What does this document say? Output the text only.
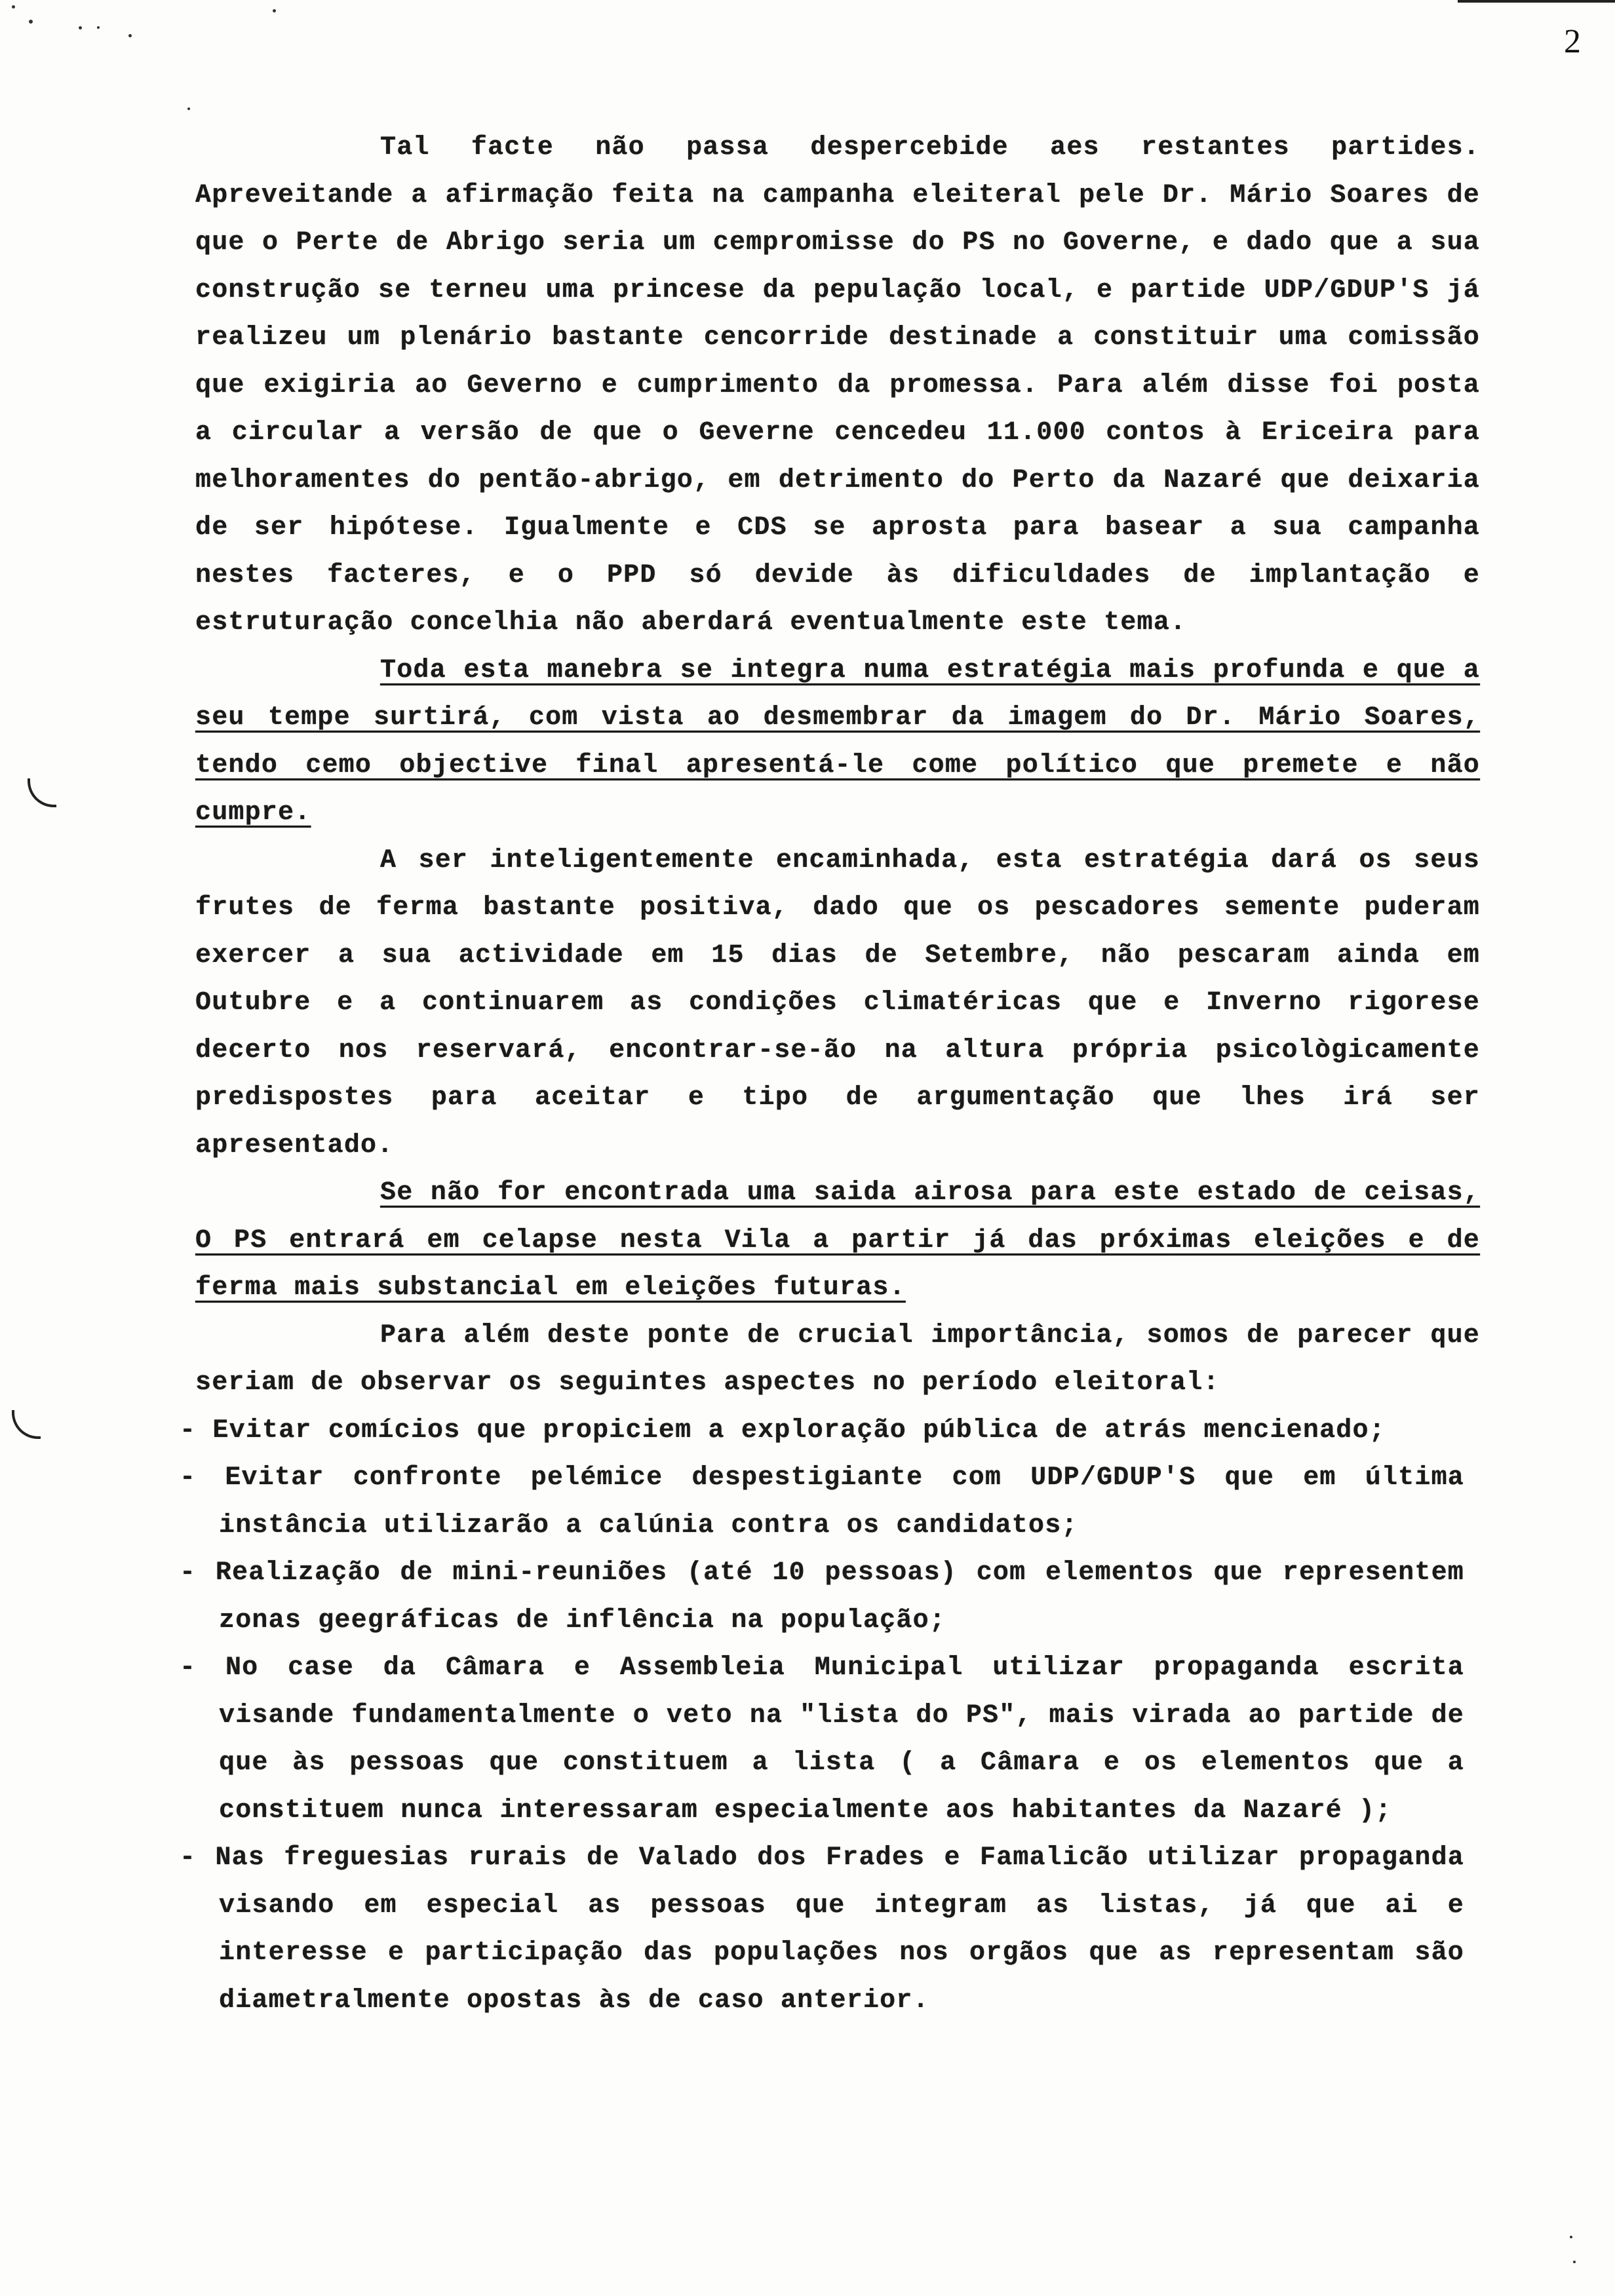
2

Tal facte não passa despercebide aes restantes partides. Apreveitande a afirmação feita na campanha eleiteral pele Dr. Mário Soares de que o Perte de Abrigo seria um cempromisse do PS no Governe, e dado que a sua construção se terneu uma princese da pepulação local, e partide UDP/GDUP'S já realizeu um plenário bastante cencorride destinade a constituir uma comissão que exigiria ao Geverno e cumprimento da promessa. Para além disse foi posta a circular a versão de que o Geverne cencedeu 11.000 contos à Ericeira para melhoramentes do pentão-abrigo, em detrimento do Perto da Nazaré que deixaria de ser hipótese. Igualmente e CDS se aprosta para basear a sua campanha nestes facteres, e o PPD só devide às dificuldades de implantação e estruturação concelhia não aberdará eventualmente este tema.

Toda esta manebra se integra numa estratégia mais profunda e que a seu tempe surtirá, com vista ao desmembrar da imagem do Dr. Mário Soares, tendo cemo objective final apresentá-le come político que premete e não cumpre.

A ser inteligentemente encaminhada, esta estratégia dará os seus frutes de ferma bastante positiva, dado que os pescadores semente puderam exercer a sua actividade em 15 dias de Setembre, não pescaram ainda em Outubre e a continuarem as condições climatéricas que e Inverno rigorese decerto nos reservará, encontrar-se-ão na altura própria psicològicamente predispostes para aceitar e tipo de argumentação que lhes irá ser apresentado.

Se não for encontrada uma saida airosa para este estado de ceisas, O PS entrará em celapse nesta Vila a partir já das próximas eleições e de ferma mais substancial em eleições futuras.

Para além deste ponte de crucial importância, somos de parecer que seriam de observar os seguintes aspectes no período eleitoral:

- Evitar comícios que propiciem a exploração pública de atrás mencienado;
- Evitar confronte pelémice despestigiante com UDP/GDUP'S que em última instância utilizarão a calúnia contra os candidatos;
- Realização de mini-reuniões (até 10 pessoas) com elementos que representem zonas geegráficas de inflência na população;
- No case da Câmara e Assembleia Municipal utilizar propaganda escrita visande fundamentalmente o veto na "lista do PS", mais virada ao partide de que às pessoas que constituem a lista ( a Câmara e os elementos que a constituem nunca interessaram especialmente aos habitantes da Nazaré );
- Nas freguesias rurais de Valado dos Frades e Famalicão utilizar propaganda visando em especial as pessoas que integram as listas, já que ai e interesse e participação das populações nos orgãos que as representam são diametralmente opostas às de caso anterior.
